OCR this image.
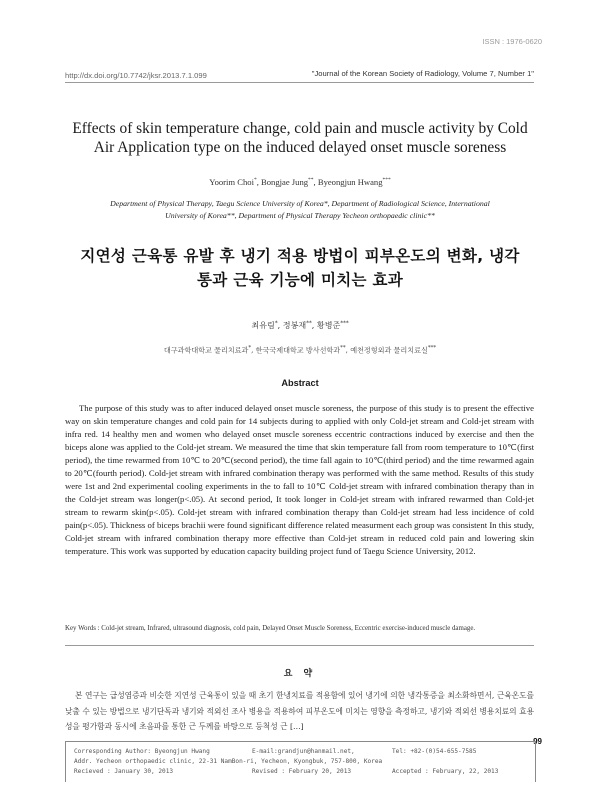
ISSN : 1976-0620
http://dx.doi.org/10.7742/jksr.2013.7.1.099	"Journal of the Korean Society of Radiology, Volume 7, Number 1"
Effects of skin temperature change, cold pain and muscle activity by Cold
Air Application type on the induced delayed onset muscle soreness
Yoorim Choi*, Bongjae Jung**, Byeongjun Hwang***
Department of Physical Therapy, Taegu Science University of Korea*, Department of Radiological Science, International
University of Korea**, Department of Physical Therapy Yecheon orthopaedic clinic**
지연성 근육통 유발 후 냉기 적용 방법이 피부온도의 변화, 냉각
통과 근육 기능에 미치는 효과
최유림*, 정봉재**, 황병준***
대구과학대학교 물리치료과*, 한국국제대학교 방사선학과**, 예천정형외과 물리치료실***
Abstract

The purpose of this study was to after induced delayed onset muscle soreness, the purpose of this study is to present the effective way on skin temperature changes and cold pain for 14 subjects during to applied with only Cold-jet stream and Cold-jet stream with infra red. 14 healthy men and women who delayed onset muscle soreness eccentric contractions induced by exercise and then the biceps alone was applied to the Cold-jet stream. We measured the time that skin temperature fall from room temperature to 10℃(first period), the time rewarmed from 10℃ to 20℃(second period), the time fall again to 10℃(third period) and the time rewarmed again to 20℃(fourth period). Cold-jet stream with infrared combination therapy was performed with the same method. Results of this study were 1st and 2nd experimental cooling experiments in the to fall to 10℃ Cold-jet stream with infrared combination therapy than in the Cold-jet stream was longer(p<.05). At second period, It took longer in Cold-jet stream with infrared rewarmed than Cold-jet stream to rewarm skin(p<.05). Cold-jet stream with infrared combination therapy than Cold-jet stream had less incidence of cold pain(p<.05). Thickness of biceps brachii were found significant difference related measurment each group was consistent In this study, Cold-jet stream with infrared combination therapy more effective than Cold-jet stream in reduced cold pain and lowering skin temperature. This work was supported by education capacity building project fund of Taegu Science University, 2012.

Key Words : Cold-jet stream, Infrared, ultrasound diagnosis, cold pain, Delayed Onset Muscle Soreness, Eccentric exercise-induced muscle damage.
요 약

본 연구는 급성염증과 비슷한 지연성 근육통이 있을 때 초기 한냉치료를 적용함에 있어 냉기에 의한 냉각통증을 최소화하면서, 근육온도를 낮출 수 있는 방법으로 냉기단독과 냉기와 적외선 조사 병용을 적용하여 피부온도에 미치는 영향을 측정하고, 냉기와 적외선 병용치료의 효용성을 평가함과 동시에 초음파를 통한 근 두께를 바탕으로 등척성 근 […]

99
Corresponding Author: Byeongjun Hwang	E-mail:grandjun@hanmail.net,	Tel: +82-(0)54-655-7585
Addr. Yecheon orthopaedic clinic, 22-31 NamBon-ri, Yecheon, Kyongbuk, 757-800, Korea
Recieved : January 30, 2013	Revised : February 20, 2013	Accepted : February, 22, 2013
